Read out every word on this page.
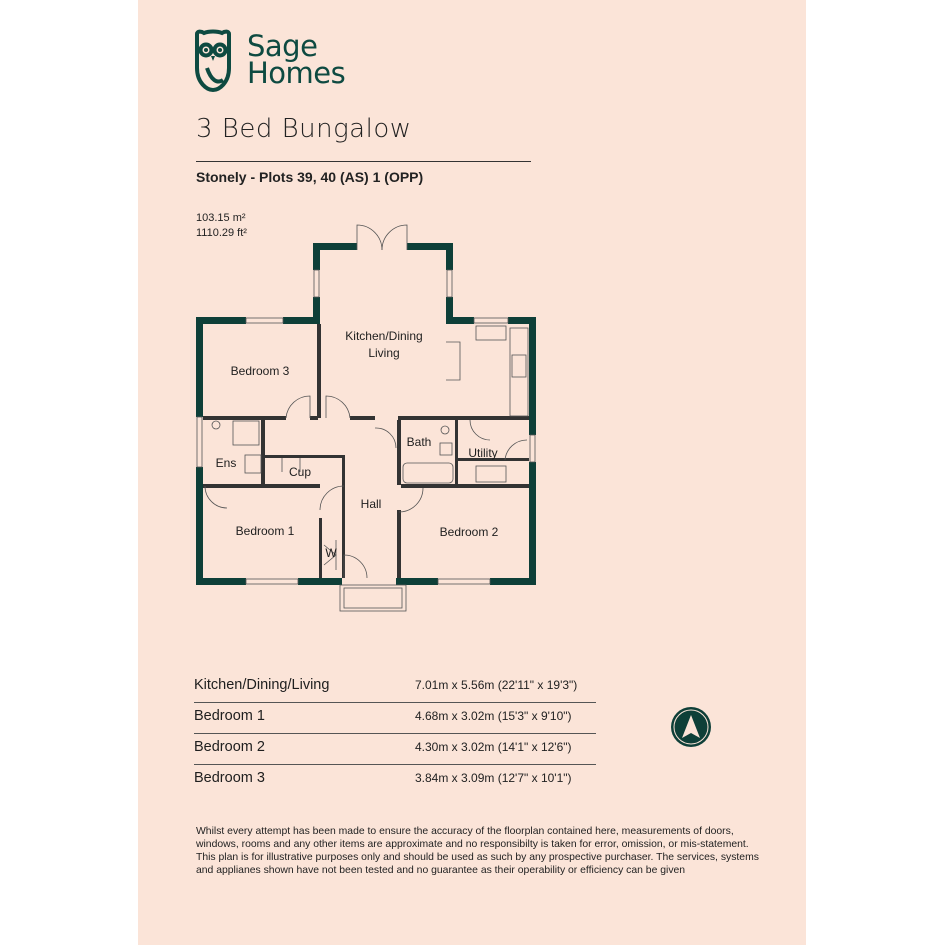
Sage
Homes
3 Bed Bungalow
Stonely - Plots 39, 40 (AS) 1 (OPP)
103.15 m²
1110.29 ft²
Kitchen/Dining
Living
Bedroom 3
Bath
Utility
Ens
Cup
Hall
Bedroom 1	Bedroom 2
W
Kitchen/Dining/Living	7.01m x 5.56m (22'11" x 19'3")
Bedroom 1	4.68m x 3.02m (15'3" x 9'10")
Bedroom 2	4.30m x 3.02m (14'1" x 12'6")
Bedroom 3	3.84m x 3.09m (12'7" x 10'1")
Whilst every attempt has been made to ensure the accuracy of the floorplan contained here, measurements of doors, windows, rooms and any other items are approximate and no responsibilty is taken for error, omission, or mis-statement. This plan is for illustrative purposes only and should be used as such by any prospective purchaser. The services, systems and applianes shown have not been tested and no guarantee as their operability or efficiency can be given
